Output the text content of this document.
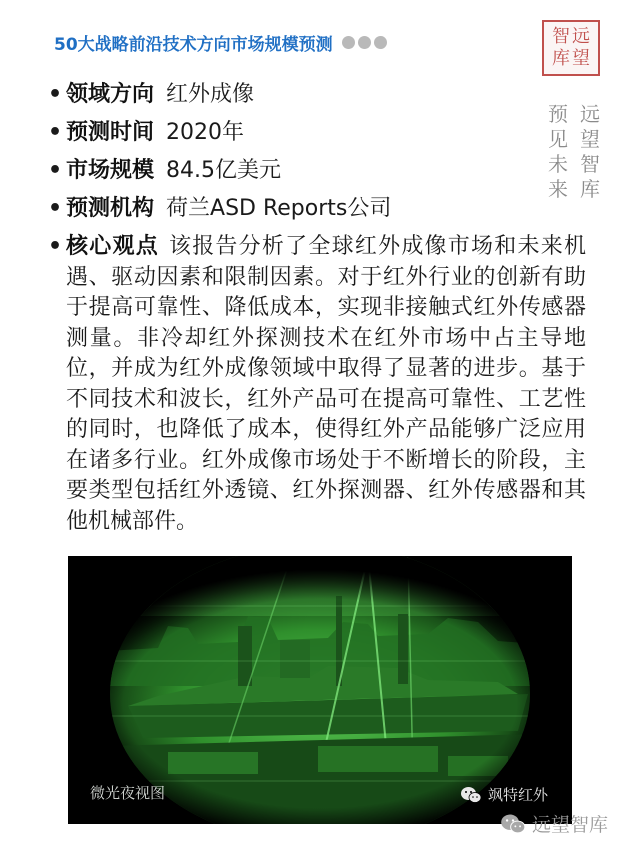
50大战略前沿技术方向市场规模预测	远
望
智
库
远
望
智
库
预
见
未
来
• 领域方向 红外成像
• 预测时间 2020年
• 市场规模 84.5亿美元
• 预测机构 荷兰ASD Reports公司
• 核心观点 该报告分析了全球红外成像市场和未来机遇、驱动因素和限制因素。对于红外行业的创新有助于提高可靠性、降低成本，实现非接触式红外传感器测量。非冷却红外探测技术在红外市场中占主导地位，并成为红外成像领域中取得了显著的进步。基于不同技术和波长，红外产品可在提高可靠性、工艺性的同时，也降低了成本，使得红外产品能够广泛应用在诸多行业。红外成像市场处于不断增长的阶段，主要类型包括红外透镜、红外探测器、红外传感器和其他机械部件。
微光夜视图	飒特红外
远望智库
